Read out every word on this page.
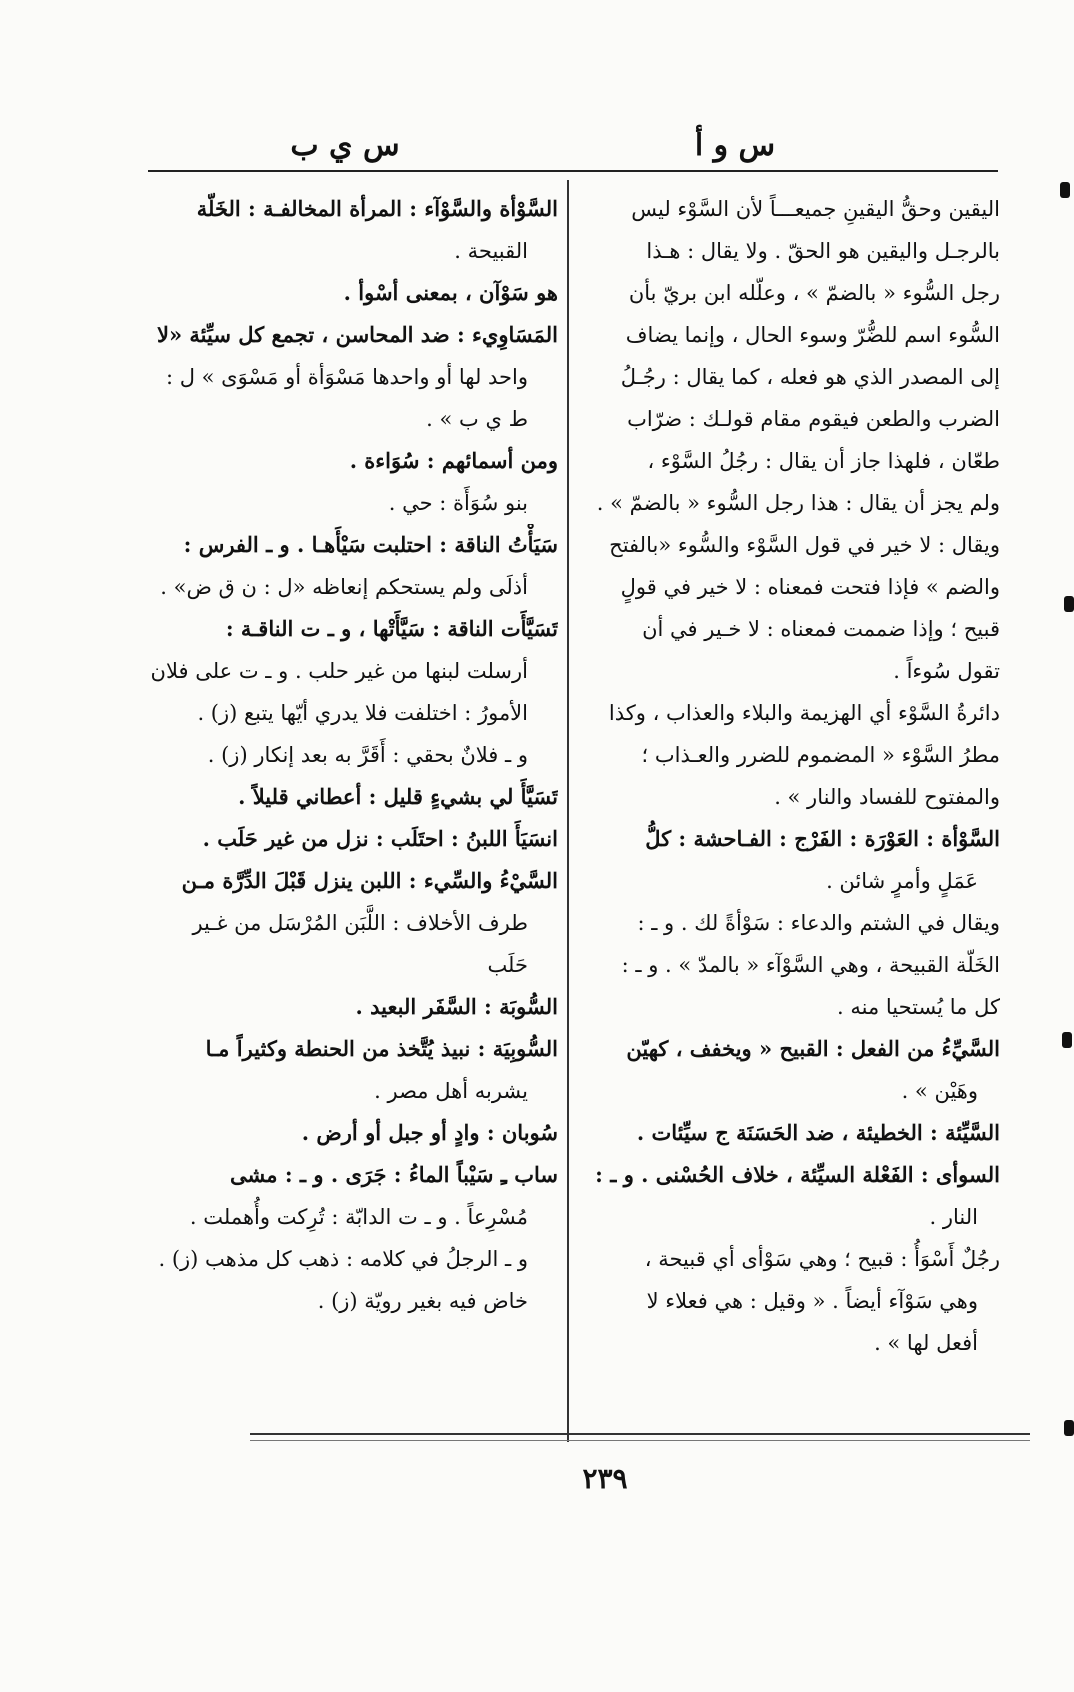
س و أ
س ي ب
اليقين وحقُّ اليقينِ جميعـــاً لأن السَّوْء ليس
بالرجـل واليقين هو الحقّ . ولا يقال : هـذا
رجل السُّوء « بالضمّ » ، وعلّله ابن بريّ بأن
السُّوء اسم للضُّرّ وسوء الحال ، وإنما يضاف
إلى المصدر الذي هو فعله ، كما يقال : رجُـلُ
الضرب والطعن فيقوم مقام قولـك : ضرّاب
طعّان ، فلهذا جاز أن يقال : رجُلُ السَّوْء ،
ولم يجز أن يقال : هذا رجل السُّوء « بالضمّ » .
ويقال : لا خير في قول السَّوْء والسُّوء «بالفتح
والضم » فإذا فتحت فمعناه : لا خير في قولٍ
قبيح ؛ وإذا ضممت فمعناه : لا خـير في أن
تقول سُوءاً .
دائرةُ السَّوْء أي الهزيمة والبلاء والعذاب ، وكذا
مطرُ السَّوْء « المضموم للضرر والعـذاب ؛
والمفتوح للفساد والنار » .
السَّوْأة : العَوْرَة : الفَرْج : الفـاحشة : كلُّ
عَمَلٍ وأمرٍ شائن .
ويقال في الشتم والدعاء : سَوْأةً لك . و ـ :
الخَلّة القبيحة ، وهي السَّوْآء « بالمدّ » . و ـ :
كل ما يُستحيا منه .
السَّيِّءُ من الفعل : القبيح « ويخفف ، كهيّن
وهَيْن » .
السَّيِّئة : الخطيئة ، ضد الحَسَنَة ج سيِّئات .
السوأى : الفَعْلة السيِّئة ، خلاف الحُسْنى . و ـ :
النار .
رجُلٌ أَسْوَأُ : قبيح ؛ وهي سَوْأى أي قبيحة ،
وهي سَوْآء أيضاً . « وقيل : هي فعلاء لا
أفعل لها » .
السَّوْأة والسَّوْآء : المرأة المخالفـة : الخَلّة
القبيحة .
هو سَوْآن ، بمعنى أسْوأ .
المَسَاوِيء : ضد المحاسن ، تجمع كل سيِّئة «لا
واحد لها أو واحدها مَسْوَأة أو مَسْوَى » ل :
ط ي ب » .
ومن أسمائهم : سُوَاءة .
بنو سُوَأَة : حي .
سَيَأْتُ الناقة : احتلبت سَيْأَهـا . و ـ الفرس :
أذلَى ولم يستحكم إنعاظه «ل : ن ق ض» .
تَسَيَّأَت الناقة : سَيَّأَتْها ، و ـ ت الناقـة :
أرسلت لبنها من غير حلب . و ـ ت على فلان
الأمورُ : اختلفت فلا يدري أيّها يتبع (ز) .
و ـ فلانٌ بحقي : أَقَرَّ به بعد إنكار (ز) .
تَسَيَّأَ لي بشيءٍ قليل : أعطاني قليلاً .
انسَيَأَ اللبنُ : احتَلَب : نزل من غير حَلَب .
السَّيْءُ والسِّيء : اللبن ينزل قَبْلَ الدِّرَّة مـن
طرف الأخلاف : اللَّبَن المُرْسَل من غـير
حَلَب
السُّوبَة : السَّفَر البعيد .
السُّوبِيَة : نبيذ يُتَّخذ من الحنطة وكثيراً مـا
يشربه أهل مصر .
سُوبان : وادٍ أو جبل أو أرض .
ساب ـِ سَيْباً الماءُ : جَرَى . و ـ : مشى
مُسْرِعاً . و ـ ت الدابّة : تُرِكت وأُهملت .
و ـ الرجلُ في كلامه : ذهب كل مذهب (ز) .
خاض فيه بغير رويّة (ز) .
٢٣٩
